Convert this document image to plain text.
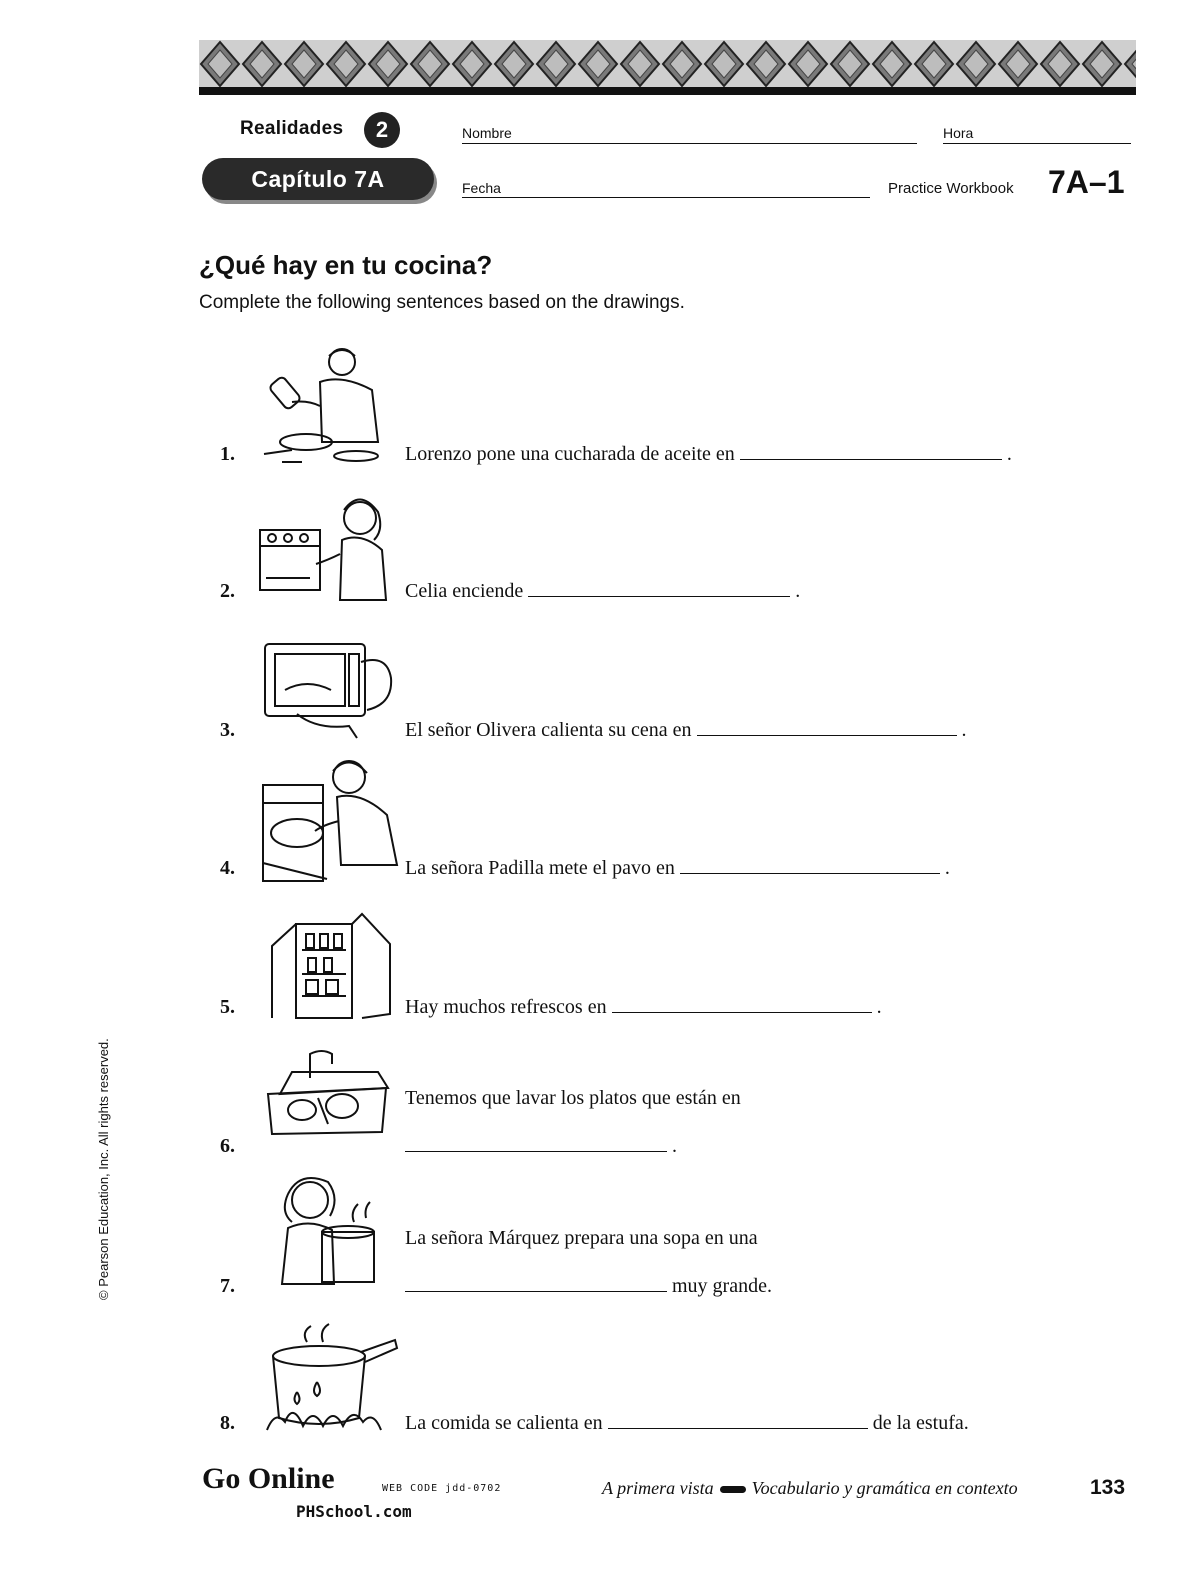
Realidades	2
Capítulo 7A
Nombre	Hora
Fecha	Practice Workbook 7A–1
¿Qué hay en tu cocina?
Complete the following sentences based on the drawings.
1.	Lorenzo pone una cucharada de aceite en	.
2.	Celia enciende	.
3.	El señor Olivera calienta su cena en	.
4.	La señora Padilla mete el pavo en	.
5.	Hay muchos refrescos en	.
6.
Tenemos que lavar los platos que están en
.
7.
La señora Márquez prepara una sopa en una
muy grande.
8.	La comida se calienta en	de la estufa.
© Pearson Education, Inc. All rights reserved.
Go Online	WEB CODE jdd-0702
PHSchool.com
A primera vista Vocabulario y gramática en contexto	133
